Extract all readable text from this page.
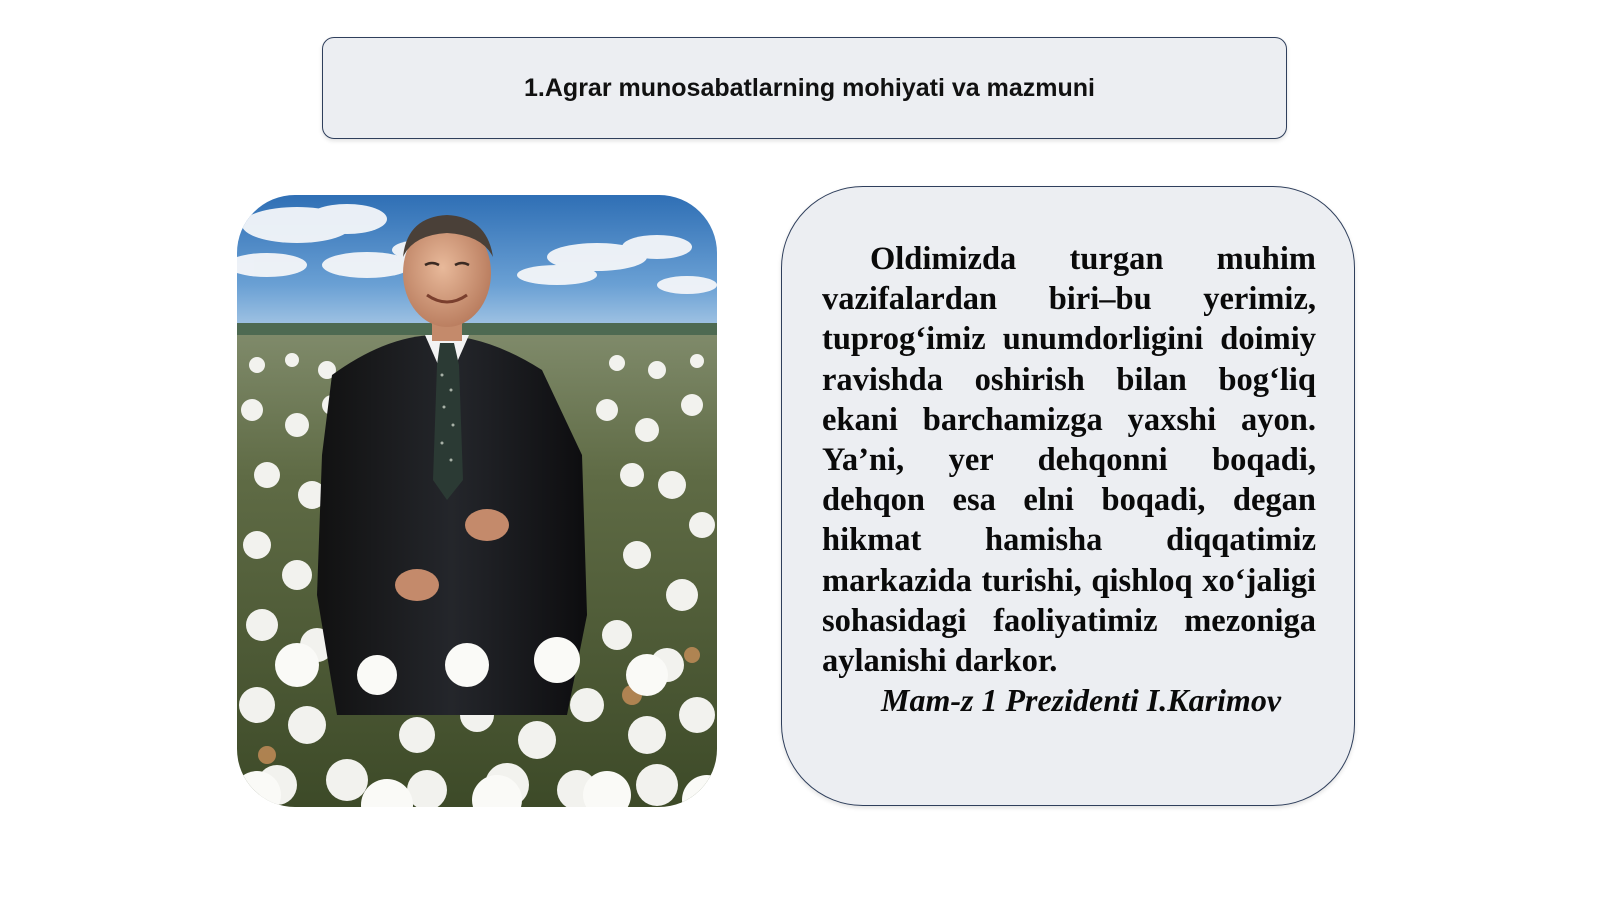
1.Agrar munosabatlarning mohiyati va mazmuni

Oldimizda turgan muhim vazifalardan biri–bu yerimiz, tuprog‘imiz unumdorligini doimiy ravishda oshirish bilan bog‘liq ekani barchamizga yaxshi ayon. Ya’ni, yer dehqonni boqadi, dehqon esa elni boqadi, degan hikmat hamisha diqqatimiz markazida turishi, qishloq xo‘jaligi sohasidagi faoliyatimiz mezoniga aylanishi darkor.

Mam-z 1 Prezidenti I.Karimov
